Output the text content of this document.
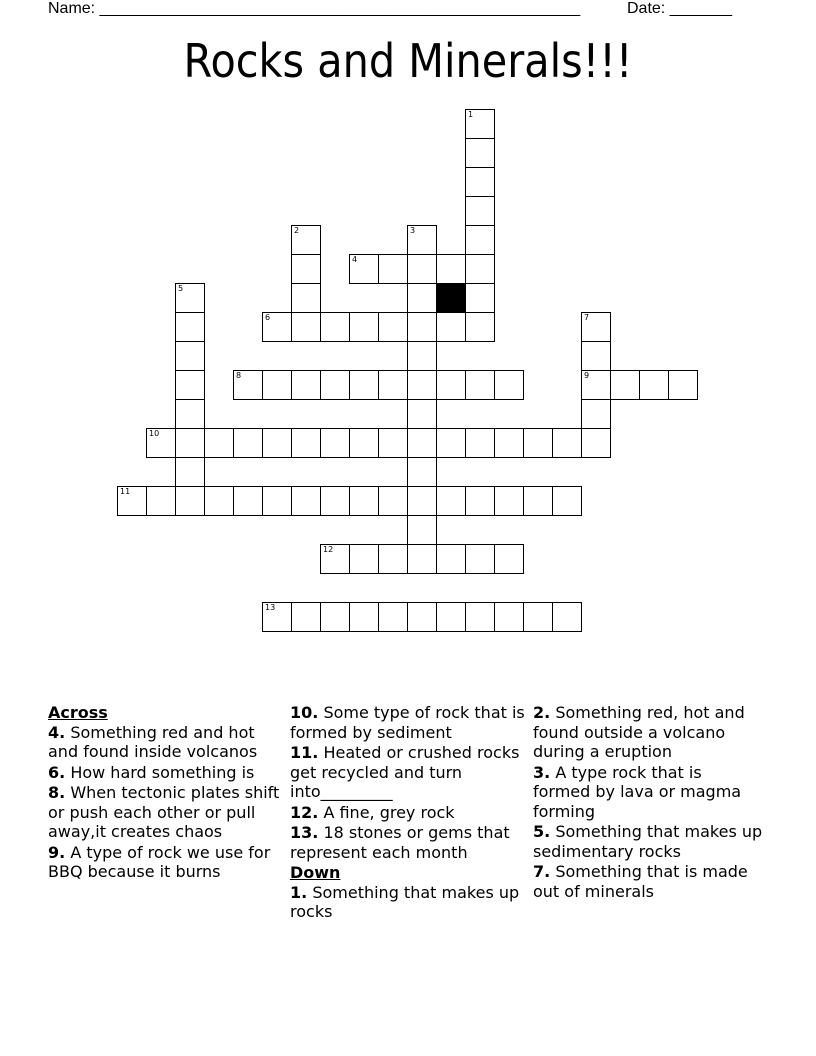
Name: ______________________________________________________	Date: _______
Rocks and Minerals!!!
1
2	3
4
5
6	7
9
8
10
11
12
13
Across
4. Something red and hot and found inside volcanos
6. How hard something is
8. When tectonic plates shift or push each other or pull away,it creates chaos
9. A type of rock we use for BBQ because it burns
10. Some type of rock that is formed by sediment
11. Heated or crushed rocks get recycled and turn into_________
12. A fine, grey rock
13. 18 stones or gems that represent each month
Down
1. Something that makes up rocks
2. Something red, hot and found outside a volcano during a eruption
3. A type rock that is formed by lava or magma forming
5. Something that makes up sedimentary rocks
7. Something that is made out of minerals
